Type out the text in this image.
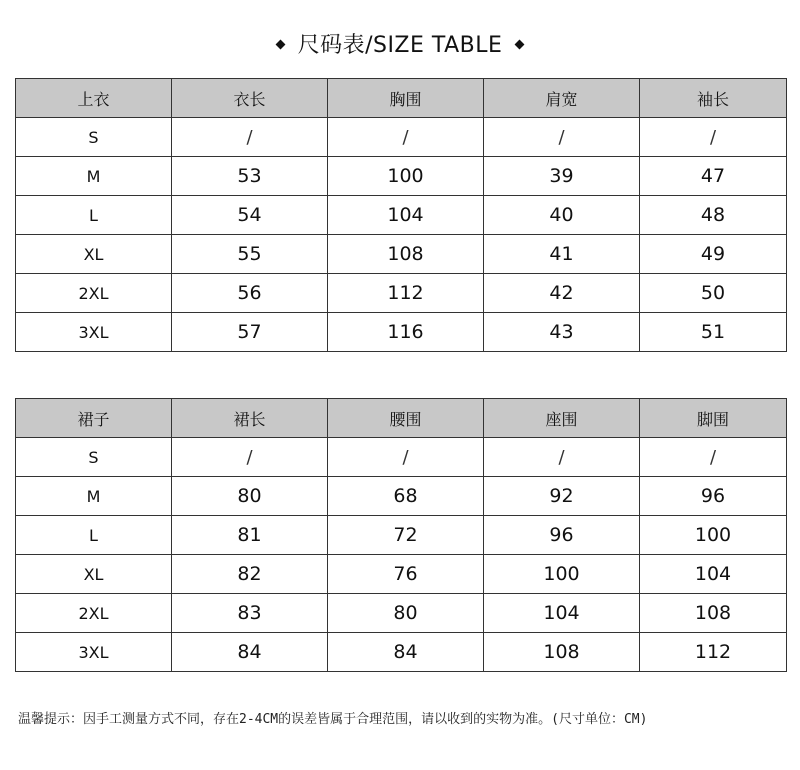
尺码表/SIZE TABLE
上衣	衣长	胸围	肩宽	袖长
S	/	/	/	/
M	53	100	39	47
L	54	104	40	48
XL	55	108	41	49
2XL	56	112	42	50
3XL	57	116	43	51
裙子	裙长	腰围	座围	脚围
S	/	/	/	/
M	80	68	92	96
L	81	72	96	100
XL	82	76	100	104
2XL	83	80	104	108
3XL	84	84	108	112
温馨提示：因手工测量方式不同，存在2-4CM的误差皆属于合理范围，请以收到的实物为准。(尺寸单位：CM)
